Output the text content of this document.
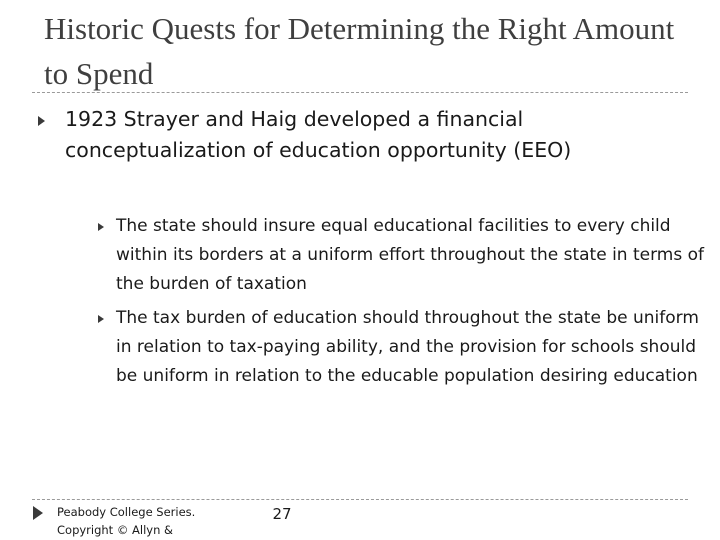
Historic Quests for Determining the Right Amount to Spend

1923 Strayer and Haig developed a financial conceptualization of education opportunity (EEO)

The state should insure equal educational facilities to every child within its borders at a uniform effort throughout the state in terms of the burden of taxation

The tax burden of education should throughout the state be uniform in relation to tax-paying ability, and the provision for schools should be uniform in relation to the educable population desiring education

Peabody College Series. Copyright © Allyn &

27
